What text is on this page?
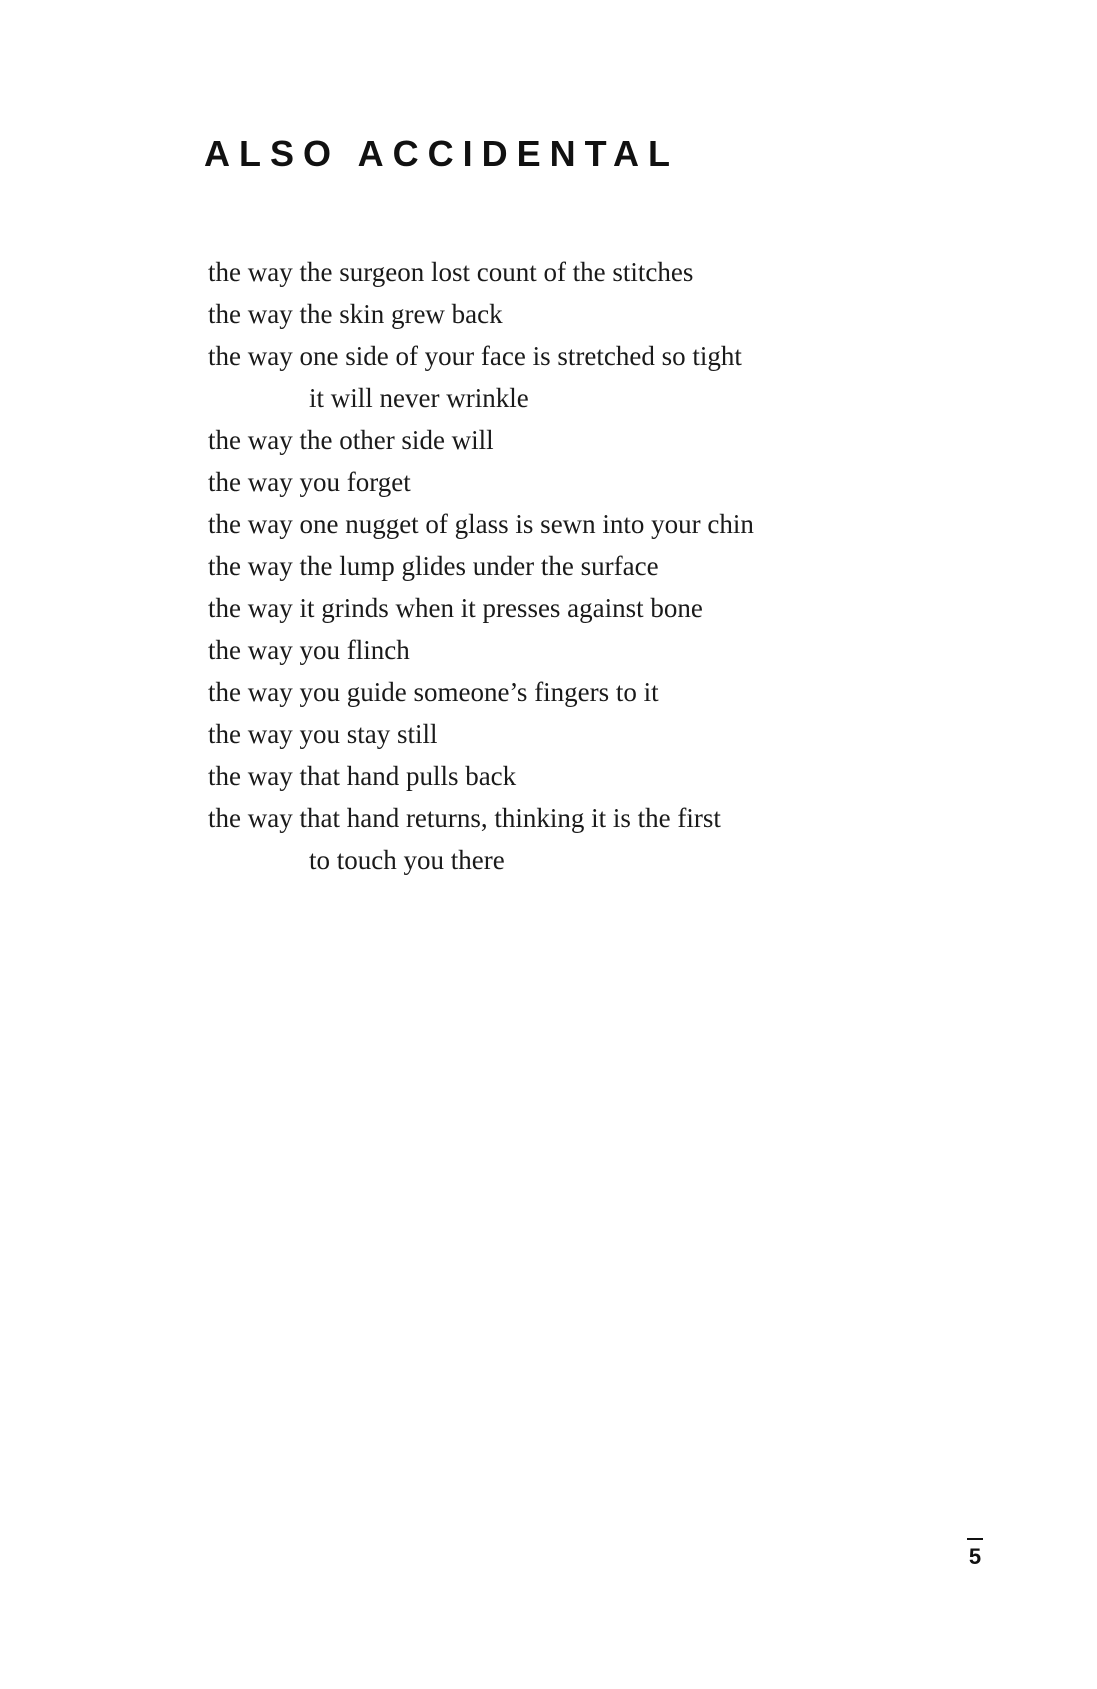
ALSO ACCIDENTAL
the way the surgeon lost count of the stitches
the way the skin grew back
the way one side of your face is stretched so tight
it will never wrinkle
the way the other side will
the way you forget
the way one nugget of glass is sewn into your chin
the way the lump glides under the surface
the way it grinds when it presses against bone
the way you flinch
the way you guide someone’s fingers to it
the way you stay still
the way that hand pulls back
the way that hand returns, thinking it is the first
to touch you there
5
